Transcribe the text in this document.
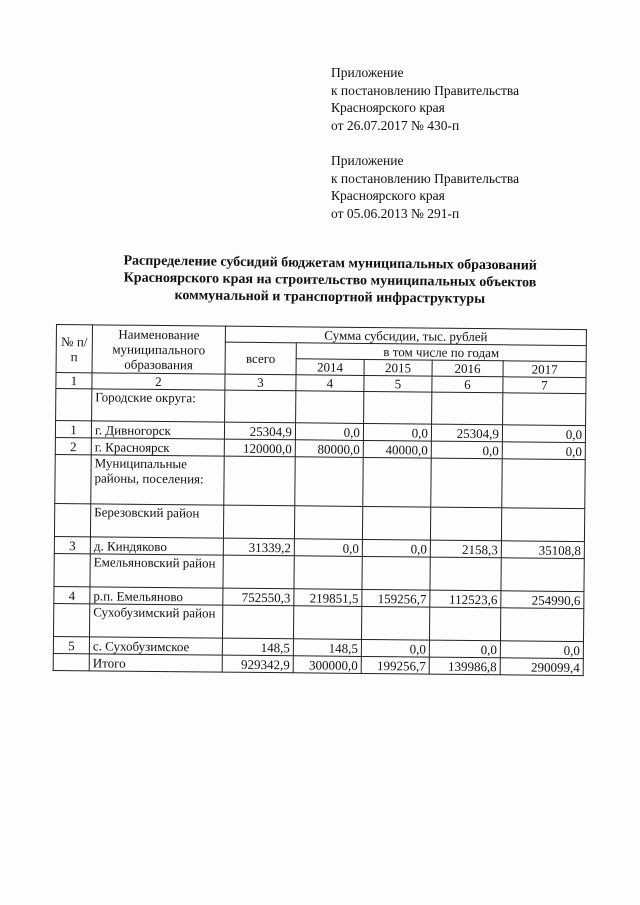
Приложение
к постановлению Правительства
Красноярского края
от 26.07.2017 № 430-п
Приложение
к постановлению Правительства
Красноярского края
от 05.06.2013 № 291-п
Распределение субсидий бюджетам муниципальных образований
Красноярского края на строительство муниципальных объектов
коммунальной и транспортной инфраструктуры
№ п/п	Наименование муниципального образования	Сумма субсидии, тыс. рублей				
		всего	в том числе по годам			
			2014	2015	2016	2017
1	2	3	4	5	6	7
	Городские округа:					
1	г. Дивногорск	25304,9	0,0	0,0	25304,9	0,0
2	г. Красноярск	120000,0	80000,0	40000,0	0,0	0,0
	Муниципальные районы, поселения:					
	Березовский район					
3	д. Киндяково	31339,2	0,0	0,0	2158,3	35108,8
	Емельяновский район					
4	р.п. Емельяново	752550,3	219851,5	159256,7	112523,6	254990,6
	Сухобузимский район					
5	с. Сухобузимское	148,5	148,5	0,0	0,0	0,0
	Итого	929342,9	300000,0	199256,7	139986,8	290099,4
